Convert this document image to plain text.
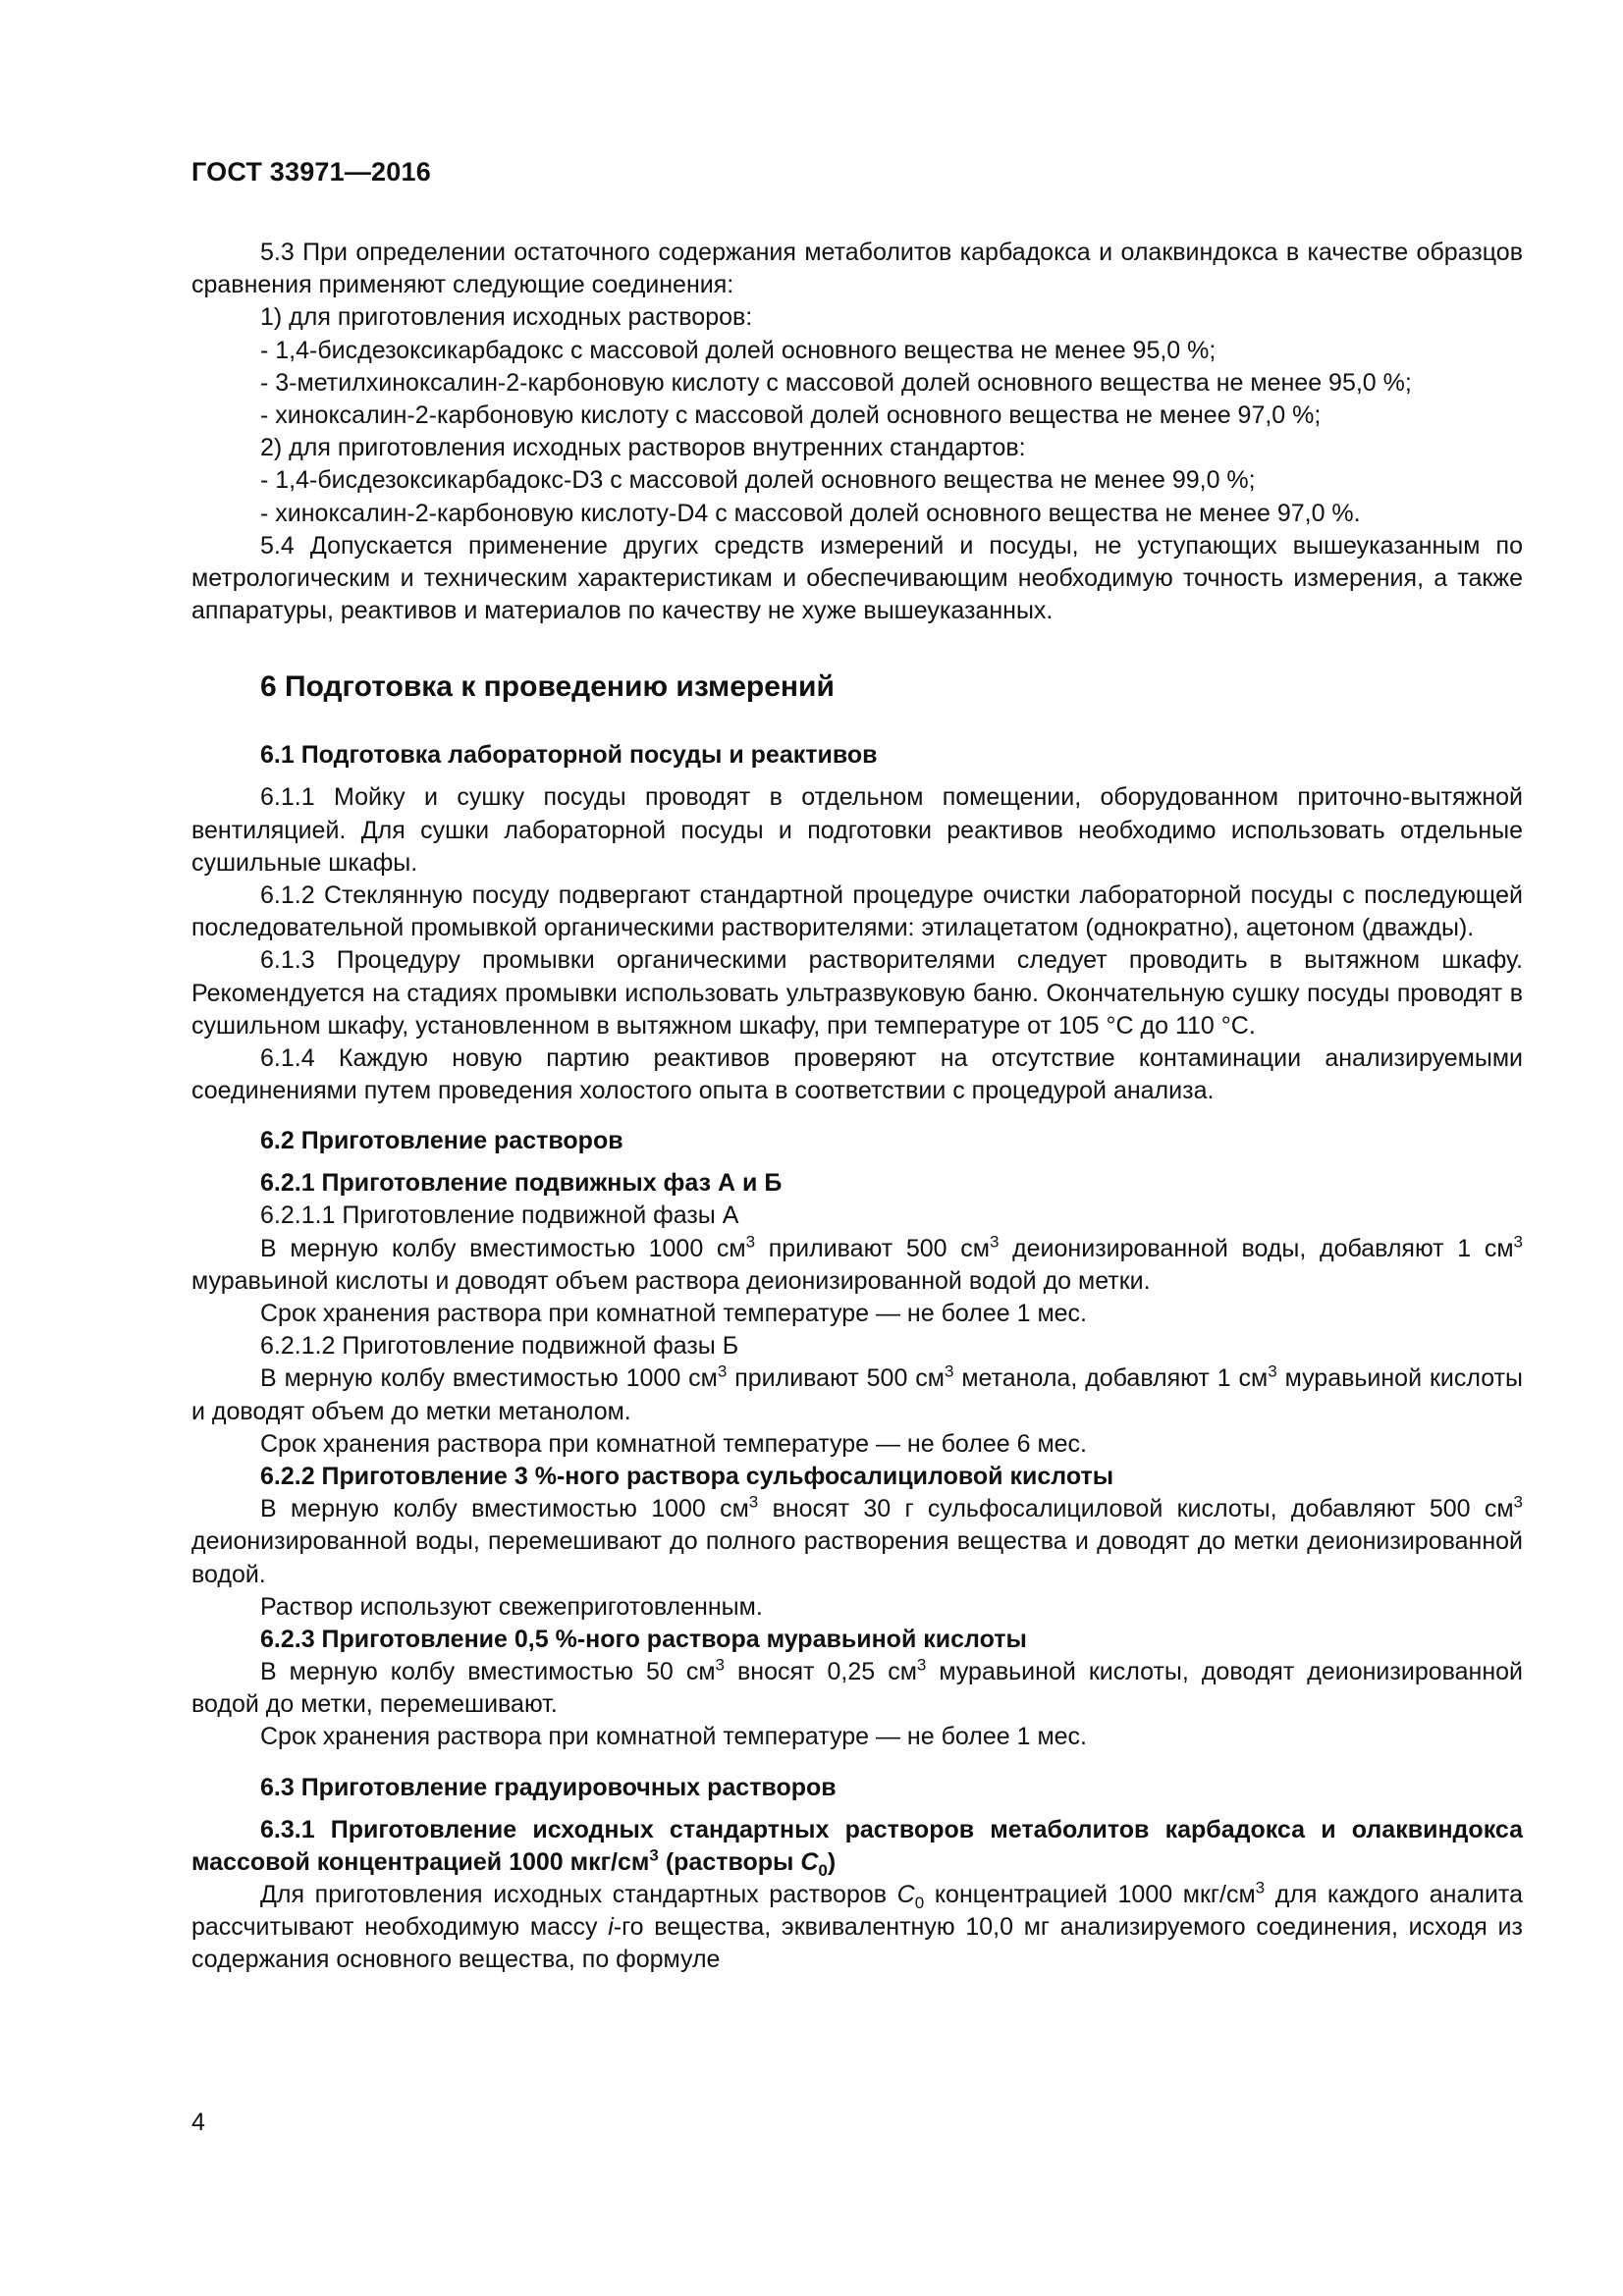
ГОСТ 33971—2016

5.3 При определении остаточного содержания метаболитов карбадокса и олаквиндокса в качестве образцов сравнения применяют следующие соединения:

1) для приготовления исходных растворов:

- 1,4-бисдезоксикарбадокс с массовой долей основного вещества не менее 95,0 %;

- 3-метилхиноксалин-2-карбоновую кислоту с массовой долей основного вещества не менее 95,0 %;

- хиноксалин-2-карбоновую кислоту с массовой долей основного вещества не менее 97,0 %;

2) для приготовления исходных растворов внутренних стандартов:

- 1,4-бисдезоксикарбадокс-D3 с массовой долей основного вещества не менее 99,0 %;

- хиноксалин-2-карбоновую кислоту-D4 с массовой долей основного вещества не менее 97,0 %.

5.4 Допускается применение других средств измерений и посуды, не уступающих вышеуказанным по метрологическим и техническим характеристикам и обеспечивающим необходимую точность измерения, а также аппаратуры, реактивов и материалов по качеству не хуже вышеуказанных.

6 Подготовка к проведению измерений
6.1 Подготовка лабораторной посуды и реактивов

6.1.1 Мойку и сушку посуды проводят в отдельном помещении, оборудованном приточно-вытяжной вентиляцией. Для сушки лабораторной посуды и подготовки реактивов необходимо использовать отдельные сушильные шкафы.

6.1.2 Стеклянную посуду подвергают стандартной процедуре очистки лабораторной посуды с последующей последовательной промывкой органическими растворителями: этилацетатом (однократно), ацетоном (дважды).

6.1.3 Процедуру промывки органическими растворителями следует проводить в вытяжном шкафу. Рекомендуется на стадиях промывки использовать ультразвуковую баню. Окончательную сушку посуды проводят в сушильном шкафу, установленном в вытяжном шкафу, при температуре от 105 °С до 110 °С.

6.1.4 Каждую новую партию реактивов проверяют на отсутствие контаминации анализируемыми соединениями путем проведения холостого опыта в соответствии с процедурой анализа.

6.2 Приготовление растворов

6.2.1 Приготовление подвижных фаз А и Б

6.2.1.1 Приготовление подвижной фазы А

В мерную колбу вместимостью 1000 $см^3$ приливают 500 $см^3$ деионизированной воды, добавляют 1 $см^3$ муравьиной кислоты и доводят объем раствора деионизированной водой до метки.

Срок хранения раствора при комнатной температуре — не более 1 мес.

6.2.1.2 Приготовление подвижной фазы Б

В мерную колбу вместимостью 1000 $см^3$ приливают 500 $см^3$ метанола, добавляют 1 $см^3$ муравьиной кислоты и доводят объем до метки метанолом.

Срок хранения раствора при комнатной температуре — не более 6 мес.

6.2.2 Приготовление 3 %-ного раствора сульфосалициловой кислоты

В мерную колбу вместимостью 1000 $см^3$ вносят 30 г сульфосалициловой кислоты, добавляют 500 $см^3$ деионизированной воды, перемешивают до полного растворения вещества и доводят до метки деионизированной водой.

Раствор используют свежеприготовленным.

6.2.3 Приготовление 0,5 %-ного раствора муравьиной кислоты

В мерную колбу вместимостью 50 $см^3$ вносят 0,25 $см^3$ муравьиной кислоты, доводят деионизированной водой до метки, перемешивают.

Срок хранения раствора при комнатной температуре — не более 1 мес.

6.3 Приготовление градуировочных растворов

6.3.1 Приготовление исходных стандартных растворов метаболитов карбадокса и олаквиндокса массовой концентрацией 1000 мкг/$см^3$ (растворы $C_0$)

Для приготовления исходных стандартных растворов $C_0$ концентрацией 1000 мкг/$см^3$ для каждого аналита рассчитывают необходимую массу i-го вещества, эквивалентную 10,0 мг анализируемого соединения, исходя из содержания основного вещества, по формуле

4
